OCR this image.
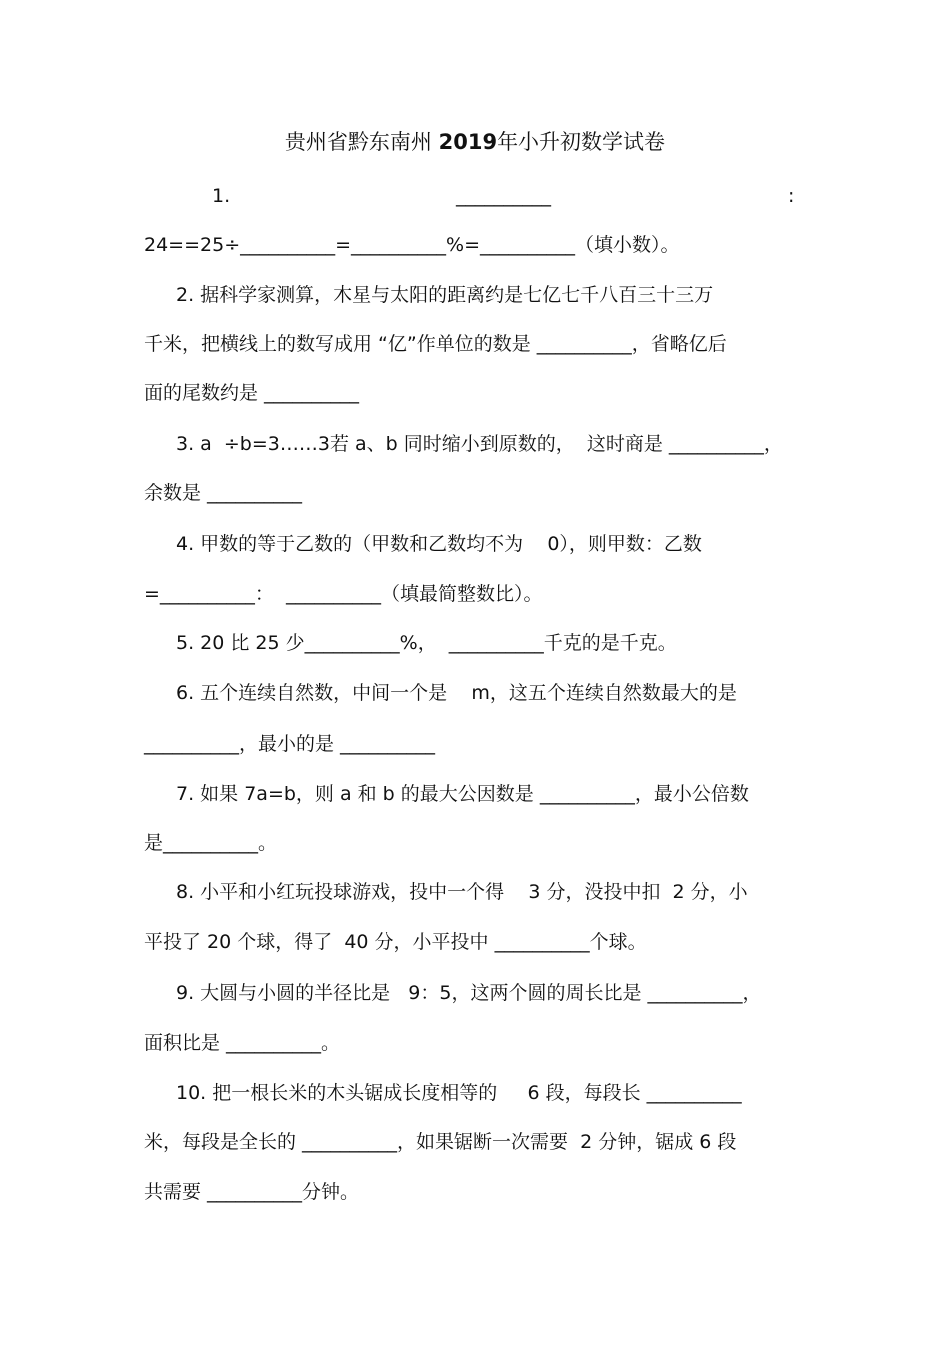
贵州省黔东南州 2019年小升初数学试卷
1.	__________	:
24==25÷__________=__________%=__________（填小数）。
2. 据科学家测算，木星与太阳的距离约是七亿七千八百三十三万
千米，把横线上的数写成用 “亿”作单位的数是 __________，省略亿后
面的尾数约是 __________
3. a  ÷b=3……3若 a、b 同时缩小到原数的，  这时商是 __________，
余数是 __________
4. 甲数的等于乙数的（甲数和乙数均不为    0），则甲数：乙数
=__________：  __________（填最简整数比）。
5. 20 比 25 少__________%，  __________千克的是千克。
6. 五个连续自然数，中间一个是    m，这五个连续自然数最大的是
__________，最小的是 __________
7. 如果 7a=b，则 a 和 b 的最大公因数是 __________，最小公倍数
是__________。
8. 小平和小红玩投球游戏，投中一个得    3 分，没投中扣  2 分，小
平投了 20 个球，得了  40 分，小平投中 __________个球。
9. 大圆与小圆的半径比是   9：5，这两个圆的周长比是 __________，
面积比是 __________。
10. 把一根长米的木头锯成长度相等的     6 段，每段长 __________
米，每段是全长的 __________，如果锯断一次需要  2 分钟，锯成 6 段
共需要 __________分钟。
